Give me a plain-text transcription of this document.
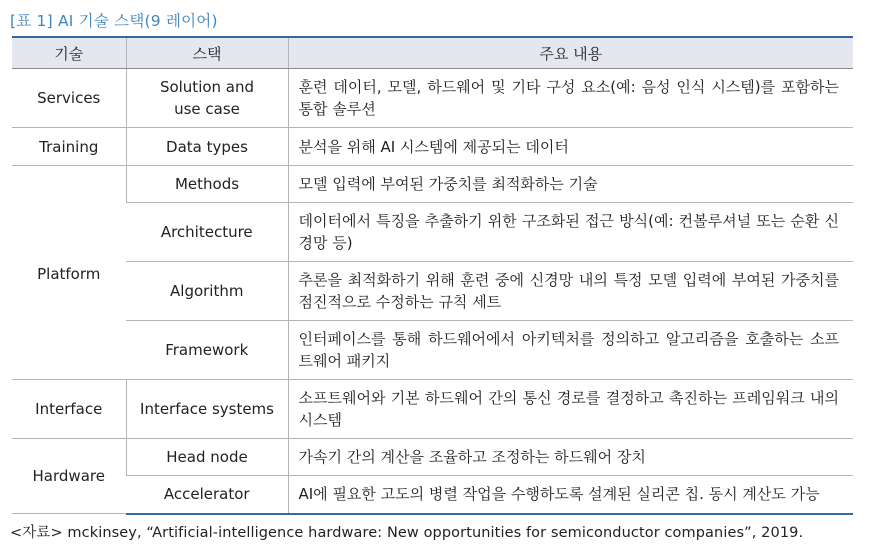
[표 1] AI 기술 스택(9 레이어)
기술	스택	주요 내용
Services	Solution and use case	훈련 데이터, 모델, 하드웨어 및 기타 구성 요소(예: 음성 인식 시스템)를 포함하는 통합 솔루션
Training	Data types	분석을 위해 AI 시스템에 제공되는 데이터
Platform	Methods	모델 입력에 부여된 가중치를 최적화하는 기술
	Architecture	데이터에서 특징을 추출하기 위한 구조화된 접근 방식(예: 컨볼루셔널 또는 순환 신경망 등)
	Algorithm	추론을 최적화하기 위해 훈련 중에 신경망 내의 특정 모델 입력에 부여된 가중치를 점진적으로 수정하는 규칙 세트
	Framework	인터페이스를 통해 하드웨어에서 아키텍처를 정의하고 알고리즘을 호출하는 소프트웨어 패키지
Interface	Interface systems	소프트웨어와 기본 하드웨어 간의 통신 경로를 결정하고 촉진하는 프레임워크 내의 시스템
Hardware	Head node	가속기 간의 계산을 조율하고 조정하는 하드웨어 장치
	Accelerator	AI에 필요한 고도의 병렬 작업을 수행하도록 설계된 실리콘 칩. 동시 계산도 가능
<자료> mckinsey, “Artificial-intelligence hardware: New opportunities for semiconductor companies”, 2019.
